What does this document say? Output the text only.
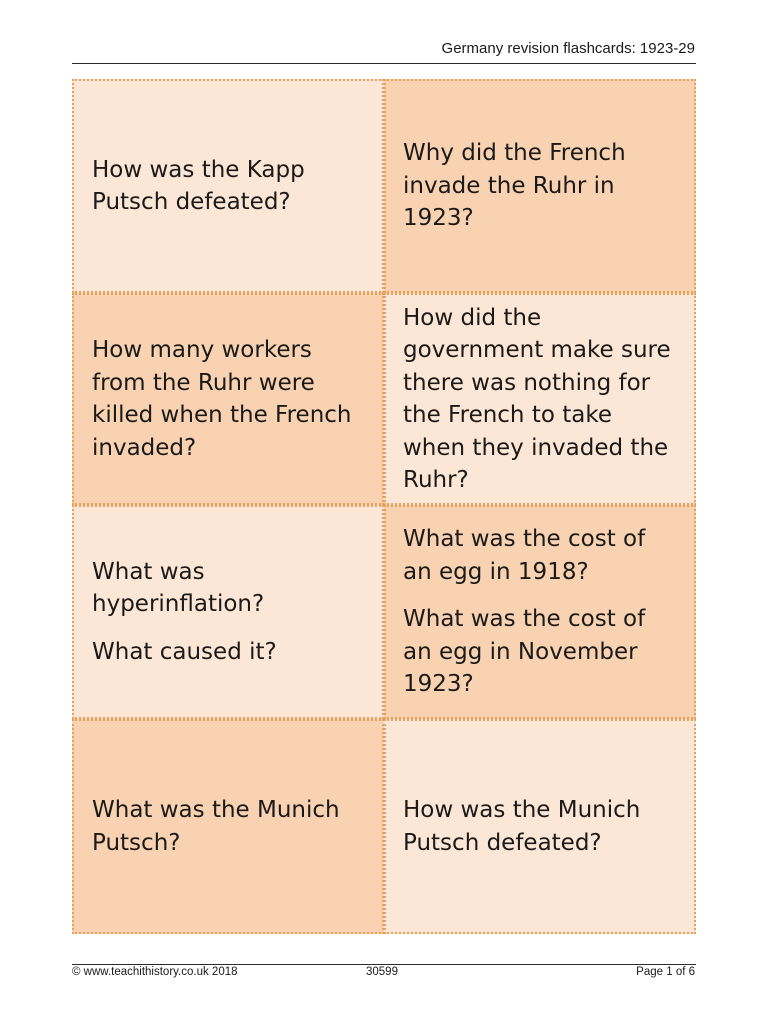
Germany revision flashcards: 1923-29
How was the Kapp Putsch defeated?
Why did the French invade the Ruhr in 1923?
How many workers from the Ruhr were killed when the French invaded?
How did the government make sure there was nothing for the French to take when they invaded the Ruhr?
What was hyperinflation?
What caused it?
What was the cost of an egg in 1918?
What was the cost of an egg in November 1923?
What was the Munich Putsch?
How was the Munich Putsch defeated?
© www.teachithistory.co.uk 2018	30599	Page 1 of 6
